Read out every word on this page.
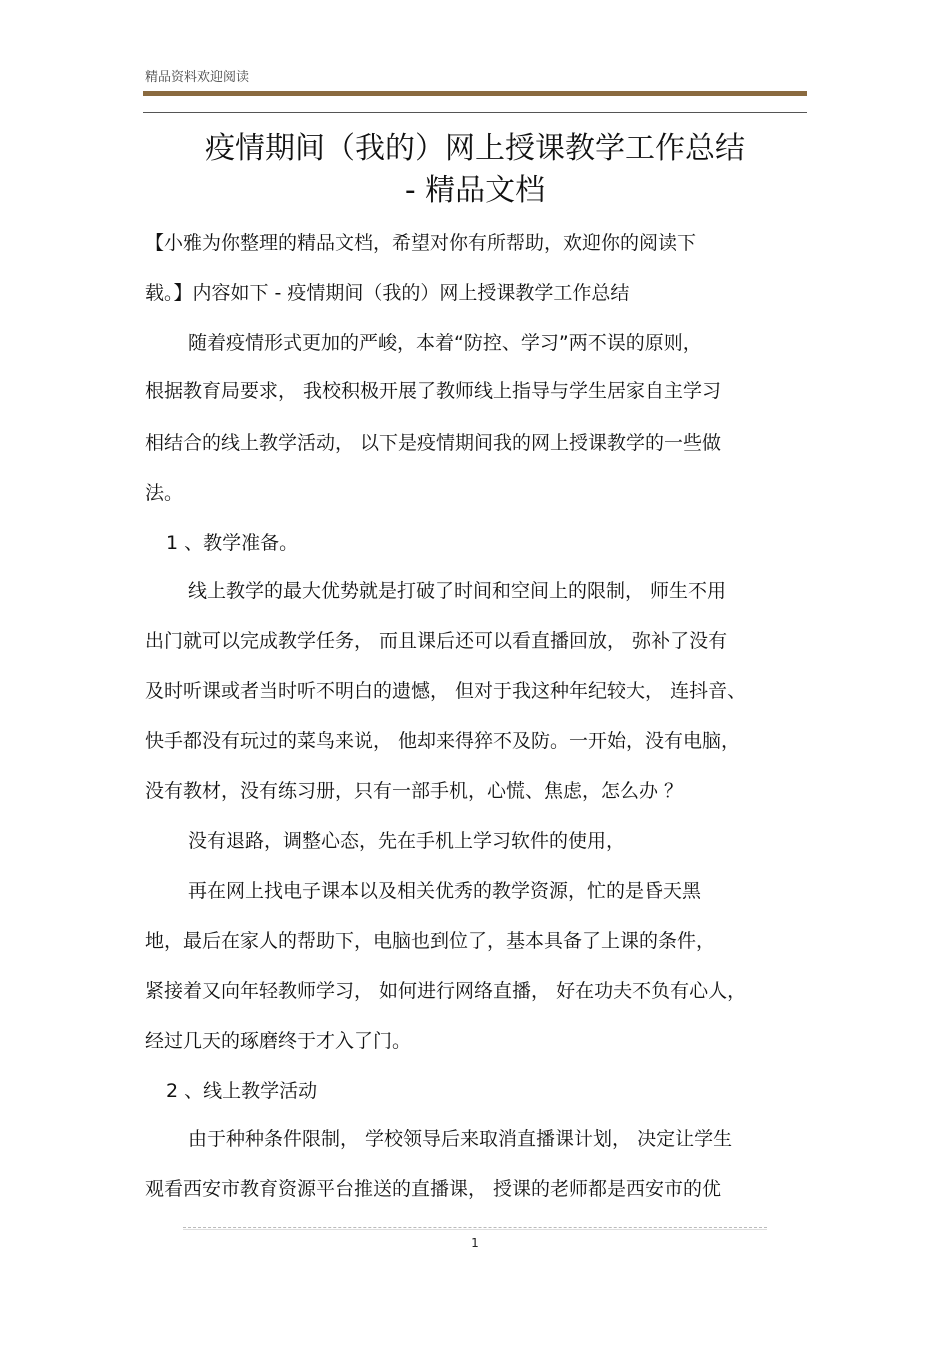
精品资料欢迎阅读
疫情期间（我的）网上授课教学工作总结
- 精品文档
【小雅为你整理的精品文档，希望对你有所帮助，欢迎你的阅读下
载。】内容如下 - 疫情期间（我的）网上授课教学工作总结
随着疫情形式更加的严峻，本着“防控、学习”两不误的原则，
根据教育局要求， 我校积极开展了教师线上指导与学生居家自主学习
相结合的线上教学活动， 以下是疫情期间我的网上授课教学的一些做
法。
1 、教学准备。
线上教学的最大优势就是打破了时间和空间上的限制， 师生不用
出门就可以完成教学任务， 而且课后还可以看直播回放， 弥补了没有
及时听课或者当时听不明白的遗憾， 但对于我这种年纪较大， 连抖音、
快手都没有玩过的菜鸟来说， 他却来得猝不及防。一开始，没有电脑，
没有教材，没有练习册，只有一部手机，心慌、焦虑，怎么办 ？
没有退路，调整心态，先在手机上学习软件的使用，
再在网上找电子课本以及相关优秀的教学资源，忙的是昏天黑
地，最后在家人的帮助下，电脑也到位了，基本具备了上课的条件，
紧接着又向年轻教师学习， 如何进行网络直播， 好在功夫不负有心人，
经过几天的琢磨终于才入了门。
2 、线上教学活动
由于种种条件限制， 学校领导后来取消直播课计划， 决定让学生
观看西安市教育资源平台推送的直播课， 授课的老师都是西安市的优
1
